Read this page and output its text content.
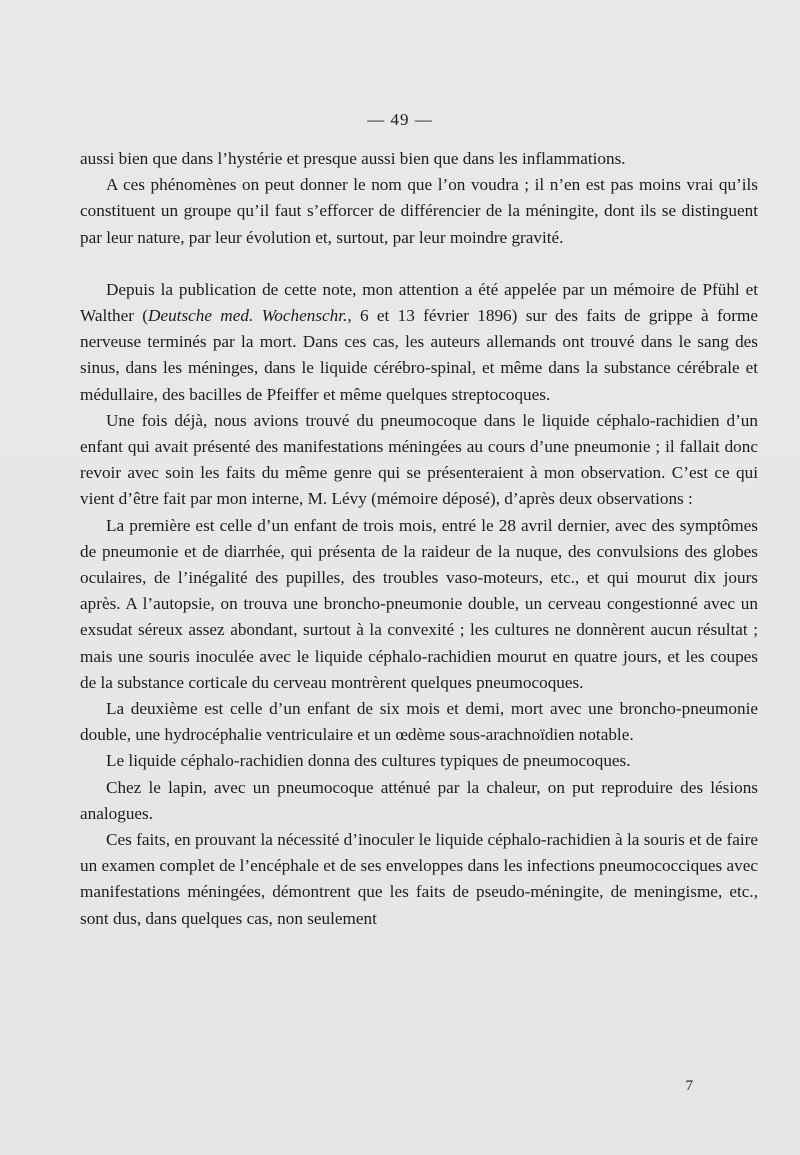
— 49 —

aussi bien que dans l’hystérie et presque aussi bien que dans les inflammations.

A ces phénomènes on peut donner le nom que l’on voudra ; il n’en est pas moins vrai qu’ils constituent un groupe qu’il faut s’efforcer de différencier de la méningite, dont ils se distinguent par leur nature, par leur évolution et, surtout, par leur moindre gravité.

Depuis la publication de cette note, mon attention a été appelée par un mémoire de Pfühl et Walther (Deutsche med. Wochenschr., 6 et 13 février 1896) sur des faits de grippe à forme nerveuse terminés par la mort. Dans ces cas, les auteurs allemands ont trouvé dans le sang des sinus, dans les méninges, dans le liquide cérébro-spinal, et même dans la substance cérébrale et médullaire, des bacilles de Pfeiffer et même quelques streptocoques.

Une fois déjà, nous avions trouvé du pneumocoque dans le liquide céphalo-rachidien d’un enfant qui avait présenté des manifestations méningées au cours d’une pneumonie ; il fallait donc revoir avec soin les faits du même genre qui se présenteraient à mon observation. C’est ce qui vient d’être fait par mon interne, M. Lévy (mémoire déposé), d’après deux observations :

La première est celle d’un enfant de trois mois, entré le 28 avril dernier, avec des symptômes de pneumonie et de diarrhée, qui présenta de la raideur de la nuque, des convulsions des globes oculaires, de l’inégalité des pupilles, des troubles vaso-moteurs, etc., et qui mourut dix jours après. A l’autopsie, on trouva une broncho-pneumonie double, un cerveau congestionné avec un exsudat séreux assez abondant, surtout à la convexité ; les cultures ne donnèrent aucun résultat ; mais une souris inoculée avec le liquide céphalo-rachidien mourut en quatre jours, et les coupes de la substance corticale du cerveau montrèrent quelques pneumocoques.

La deuxième est celle d’un enfant de six mois et demi, mort avec une broncho-pneumonie double, une hydrocéphalie ventriculaire et un œdème sous-arachnoïdien notable.

Le liquide céphalo-rachidien donna des cultures typiques de pneumocoques.

Chez le lapin, avec un pneumocoque atténué par la chaleur, on put reproduire des lésions analogues.

Ces faits, en prouvant la nécessité d’inoculer le liquide céphalo-rachidien à la souris et de faire un examen complet de l’encéphale et de ses enveloppes dans les infections pneumococciques avec manifestations méningées, démontrent que les faits de pseudo-méningite, de meningisme, etc., sont dus, dans quelques cas, non seulement

7
